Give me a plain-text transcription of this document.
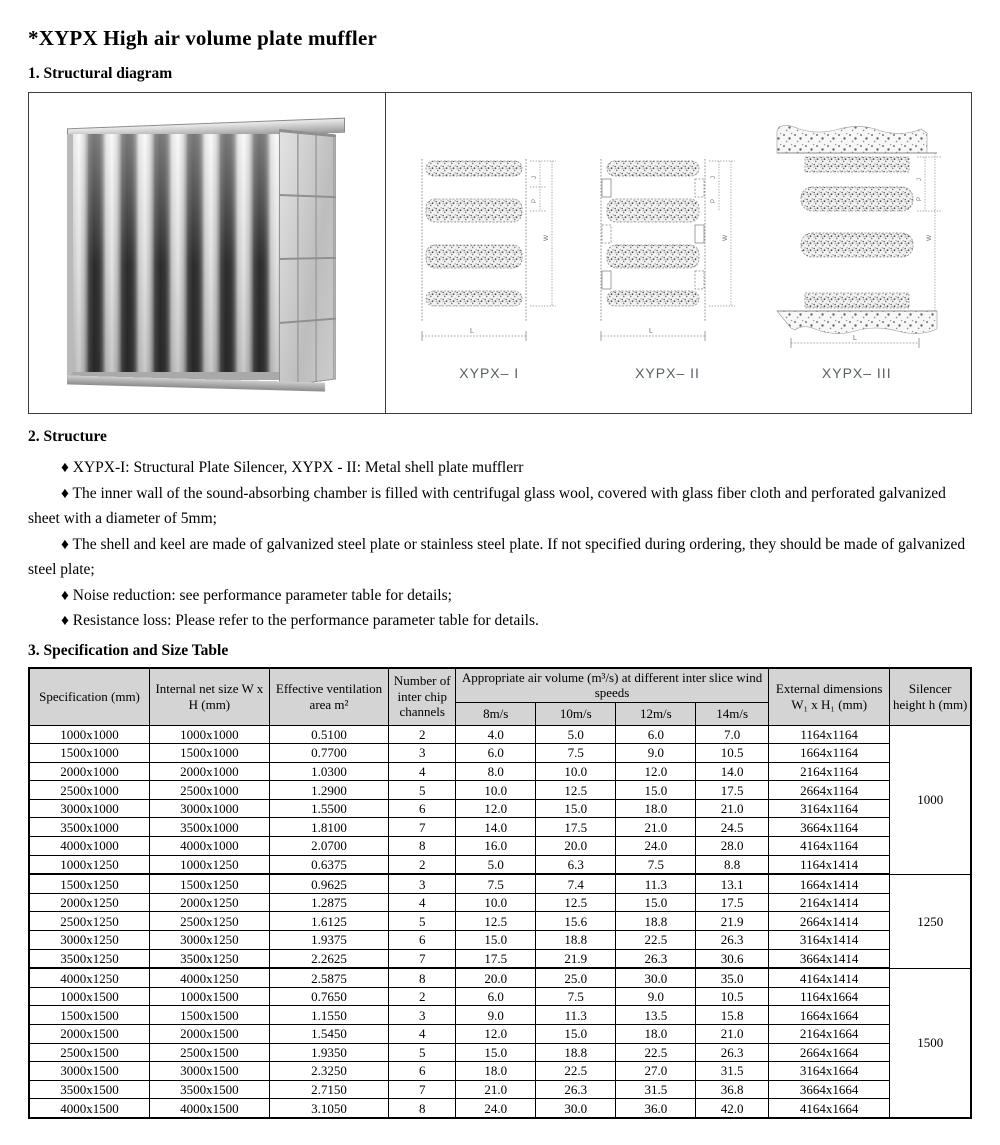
*XYPX High air volume plate muffler
1. Structural diagram
J
P
W
L
XYPX– I
J
P
W
L
XYPX– II
J
P
W
L
XYPX– III
2. Structure

♦ XYPX-I: Structural Plate Silencer, XYPX - II: Metal shell plate mufflerr

♦ The inner wall of the sound-absorbing chamber is filled with centrifugal glass wool, covered with glass fiber cloth and perforated galvanized sheet with a diameter of 5mm;

♦ The shell and keel are made of galvanized steel plate or stainless steel plate. If not specified during ordering, they should be made of galvanized steel plate;

♦ Noise reduction: see performance parameter table for details;

♦ Resistance loss: Please refer to the performance parameter table for details.

3. Specification and Size Table
Specification (mm)	Internal net size W x H (mm)	Effective ventilation area m²	Number of inter chip channels	Appropriate air volume (m³/s) at different inter slice wind speeds				External dimensions W₁ x H₁ (mm)	Silencer height h (mm)
				8m/s	10m/s	12m/s	14m/s		
1000x1000	1000x1000	0.5100	2	4.0	5.0	6.0	7.0	1164x1164	1000
1500x1000	1500x1000	0.7700	3	6.0	7.5	9.0	10.5	1664x1164	
2000x1000	2000x1000	1.0300	4	8.0	10.0	12.0	14.0	2164x1164	
2500x1000	2500x1000	1.2900	5	10.0	12.5	15.0	17.5	2664x1164	
3000x1000	3000x1000	1.5500	6	12.0	15.0	18.0	21.0	3164x1164	
3500x1000	3500x1000	1.8100	7	14.0	17.5	21.0	24.5	3664x1164	
4000x1000	4000x1000	2.0700	8	16.0	20.0	24.0	28.0	4164x1164	
1000x1250	1000x1250	0.6375	2	5.0	6.3	7.5	8.8	1164x1414	
1500x1250	1500x1250	0.9625	3	7.5	7.4	11.3	13.1	1664x1414	1250
2000x1250	2000x1250	1.2875	4	10.0	12.5	15.0	17.5	2164x1414	
2500x1250	2500x1250	1.6125	5	12.5	15.6	18.8	21.9	2664x1414	
3000x1250	3000x1250	1.9375	6	15.0	18.8	22.5	26.3	3164x1414	
3500x1250	3500x1250	2.2625	7	17.5	21.9	26.3	30.6	3664x1414	
4000x1250	4000x1250	2.5875	8	20.0	25.0	30.0	35.0	4164x1414	1500
1000x1500	1000x1500	0.7650	2	6.0	7.5	9.0	10.5	1164x1664	
1500x1500	1500x1500	1.1550	3	9.0	11.3	13.5	15.8	1664x1664	
2000x1500	2000x1500	1.5450	4	12.0	15.0	18.0	21.0	2164x1664	
2500x1500	2500x1500	1.9350	5	15.0	18.8	22.5	26.3	2664x1664	
3000x1500	3000x1500	2.3250	6	18.0	22.5	27.0	31.5	3164x1664	
3500x1500	3500x1500	2.7150	7	21.0	26.3	31.5	36.8	3664x1664	
4000x1500	4000x1500	3.1050	8	24.0	30.0	36.0	42.0	4164x1664	
